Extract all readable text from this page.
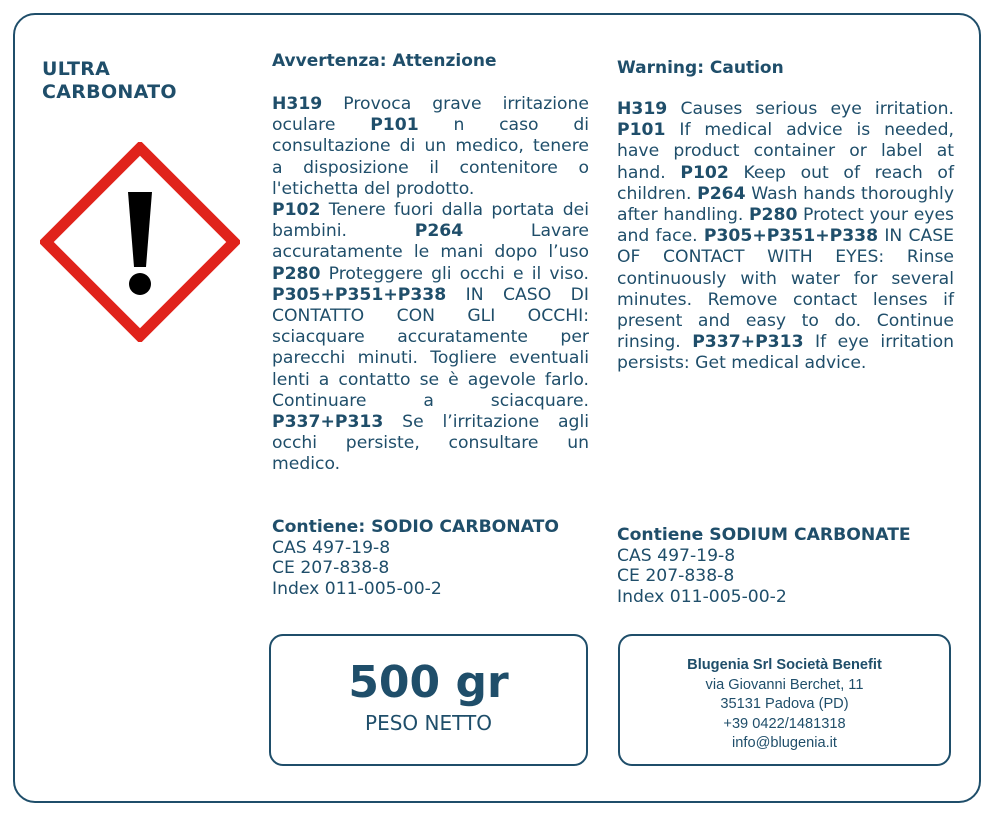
ULTRA
CARBONATO
Avvertenza: Attenzione	Warning: Caution

H319 Provoca grave irritazione oculare P101 n caso di consultazione di un medico, tenere a disposizione il contenitore o l'etichetta del prodotto.

P102 Tenere fuori dalla portata dei bambini. P264 Lavare accuratamente le mani dopo l’uso P280 Proteggere gli occhi e il viso. P305+P351+P338 IN CASO DI CONTATTO CON GLI OCCHI: sciacquare accuratamente per parecchi minuti. Togliere eventuali lenti a contatto se è agevole farlo. Continuare a sciacquare. P337+P313 Se l’irritazione agli occhi persiste, consultare un medico.

H319 Causes serious eye irritation. P101 If medical advice is needed, have product container or label at hand. P102 Keep out of reach of children. P264 Wash hands thoroughly after handling. P280 Protect your eyes and face. P305+P351+P338 IN CASE OF CONTACT WITH EYES: Rinse continuously with water for several minutes. Remove contact lenses if present and easy to do. Continue rinsing. P337+P313 If eye irritation persists: Get medical advice.

Contiene: SODIO CARBONATO
CAS 497-19-8
CE 207-838-8
Index 011-005-00-2
Contiene SODIUM CARBONATE
CAS 497-19-8
CE 207-838-8
Index 011-005-00-2
500 gr
PESO NETTO
Blugenia Srl Società Benefit
via Giovanni Berchet, 11
35131 Padova (PD)
+39 0422/1481318
info@blugenia.it
